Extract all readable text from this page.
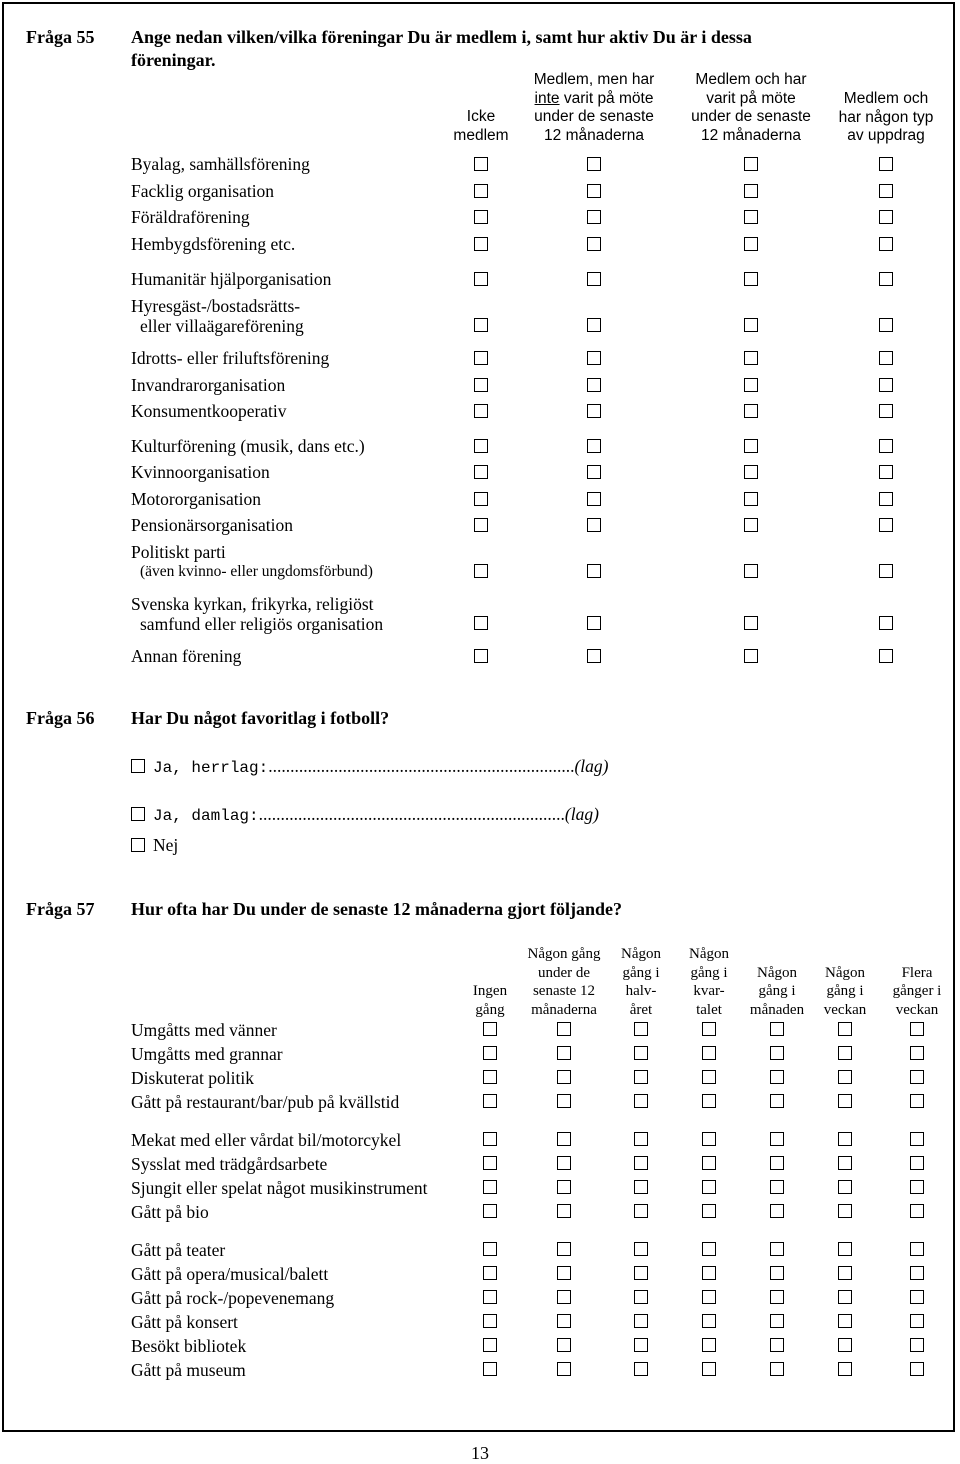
Fråga 55 Ange nedan vilken/vilka föreningar Du är medlem i, samt hur aktiv Du är i dessa
föreningar.
Icke
medlem
Medlem, men har
inte varit på möte
under de senaste
12 månaderna
Medlem och har
varit på möte
under de senaste
12 månaderna
Medlem och
har någon typ
av uppdrag
Byalag, samhällsförening
Facklig organisation
Föräldraförening
Hembygdsförening etc.
Humanitär hjälporganisation
Hyresgäst-/bostadsrätts-
eller villaägareförening
Idrotts- eller friluftsförening
Invandrarorganisation
Konsumentkooperativ
Kulturförening (musik, dans etc.)
Kvinnoorganisation
Motororganisation
Pensionärsorganisation
Politiskt parti
(även kvinno- eller ungdomsförbund)
Svenska kyrkan, frikyrka, religiöst
samfund eller religiös organisation
Annan förening
Fråga 56 Har Du något favoritlag i fotboll?
Ja, herrlag:......................................................................(lag)
Ja, damlag:......................................................................(lag)
Nej
Fråga 57 Hur ofta har Du under de senaste 12 månaderna gjort följande?
Ingen
gång
Någon gång
under de
senaste 12
månaderna
Någon
gång i
halv-
året
Någon
gång i
kvar-
talet
Någon
gång i
månaden
Någon
gång i
veckan
Flera
gånger i
veckan
Umgåtts med vänner
Umgåtts med grannar
Diskuterat politik
Gått på restaurant/bar/pub på kvällstid
Mekat med eller vårdat bil/motorcykel
Sysslat med trädgårdsarbete
Sjungit eller spelat något musikinstrument
Gått på bio
Gått på teater
Gått på opera/musical/balett
Gått på rock-/popevenemang
Gått på konsert
Besökt bibliotek
Gått på museum
13
